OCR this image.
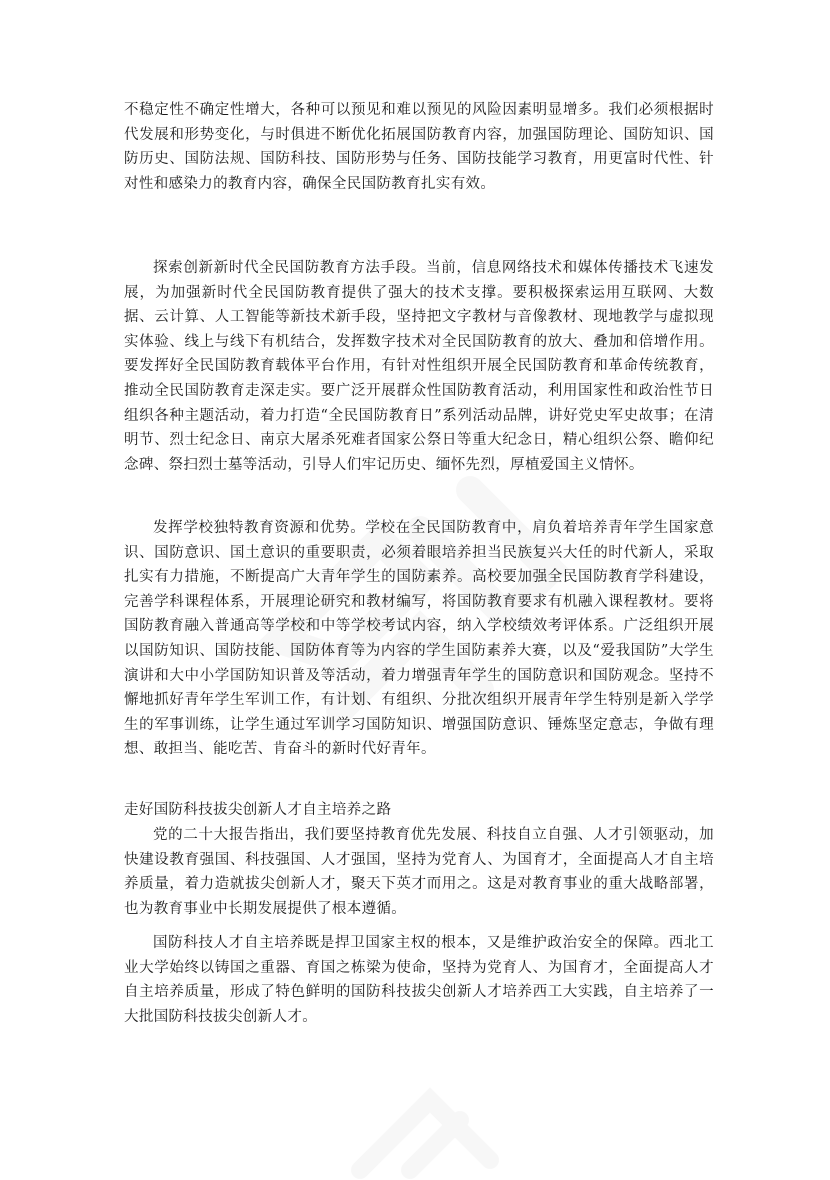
不稳定性不确定性增大，各种可以预见和难以预见的风险因素明显增多。我们必须根据时代发展和形势变化，与时俱进不断优化拓展国防教育内容，加强国防理论、国防知识、国防历史、国防法规、国防科技、国防形势与任务、国防技能学习教育，用更富时代性、针对性和感染力的教育内容，确保全民国防教育扎实有效。

探索创新新时代全民国防教育方法手段。当前，信息网络技术和媒体传播技术飞速发展，为加强新时代全民国防教育提供了强大的技术支撑。要积极探索运用互联网、大数据、云计算、人工智能等新技术新手段，坚持把文字教材与音像教材、现地教学与虚拟现实体验、线上与线下有机结合，发挥数字技术对全民国防教育的放大、叠加和倍增作用。要发挥好全民国防教育载体平台作用，有针对性组织开展全民国防教育和革命传统教育，推动全民国防教育走深走实。要广泛开展群众性国防教育活动，利用国家性和政治性节日组织各种主题活动，着力打造“全民国防教育日”系列活动品牌，讲好党史军史故事；在清明节、烈士纪念日、南京大屠杀死难者国家公祭日等重大纪念日，精心组织公祭、瞻仰纪念碑、祭扫烈士墓等活动，引导人们牢记历史、缅怀先烈，厚植爱国主义情怀。

发挥学校独特教育资源和优势。学校在全民国防教育中，肩负着培养青年学生国家意识、国防意识、国土意识的重要职责，必须着眼培养担当民族复兴大任的时代新人，采取扎实有力措施，不断提高广大青年学生的国防素养。高校要加强全民国防教育学科建设，完善学科课程体系，开展理论研究和教材编写，将国防教育要求有机融入课程教材。要将国防教育融入普通高等学校和中等学校考试内容，纳入学校绩效考评体系。广泛组织开展以国防知识、国防技能、国防体育等为内容的学生国防素养大赛，以及“爱我国防”大学生演讲和大中小学国防知识普及等活动，着力增强青年学生的国防意识和国防观念。坚持不懈地抓好青年学生军训工作，有计划、有组织、分批次组织开展青年学生特别是新入学学生的军事训练，让学生通过军训学习国防知识、增强国防意识、锤炼坚定意志，争做有理想、敢担当、能吃苦、肯奋斗的新时代好青年。

走好国防科技拔尖创新人才自主培养之路

党的二十大报告指出，我们要坚持教育优先发展、科技自立自强、人才引领驱动，加快建设教育强国、科技强国、人才强国，坚持为党育人、为国育才，全面提高人才自主培养质量，着力造就拔尖创新人才，聚天下英才而用之。这是对教育事业的重大战略部署，也为教育事业中长期发展提供了根本遵循。

国防科技人才自主培养既是捍卫国家主权的根本，又是维护政治安全的保障。西北工业大学始终以铸国之重器、育国之栋梁为使命，坚持为党育人、为国育才，全面提高人才自主培养质量，形成了特色鲜明的国防科技拔尖创新人才培养西工大实践，自主培养了一大批国防科技拔尖创新人才。
